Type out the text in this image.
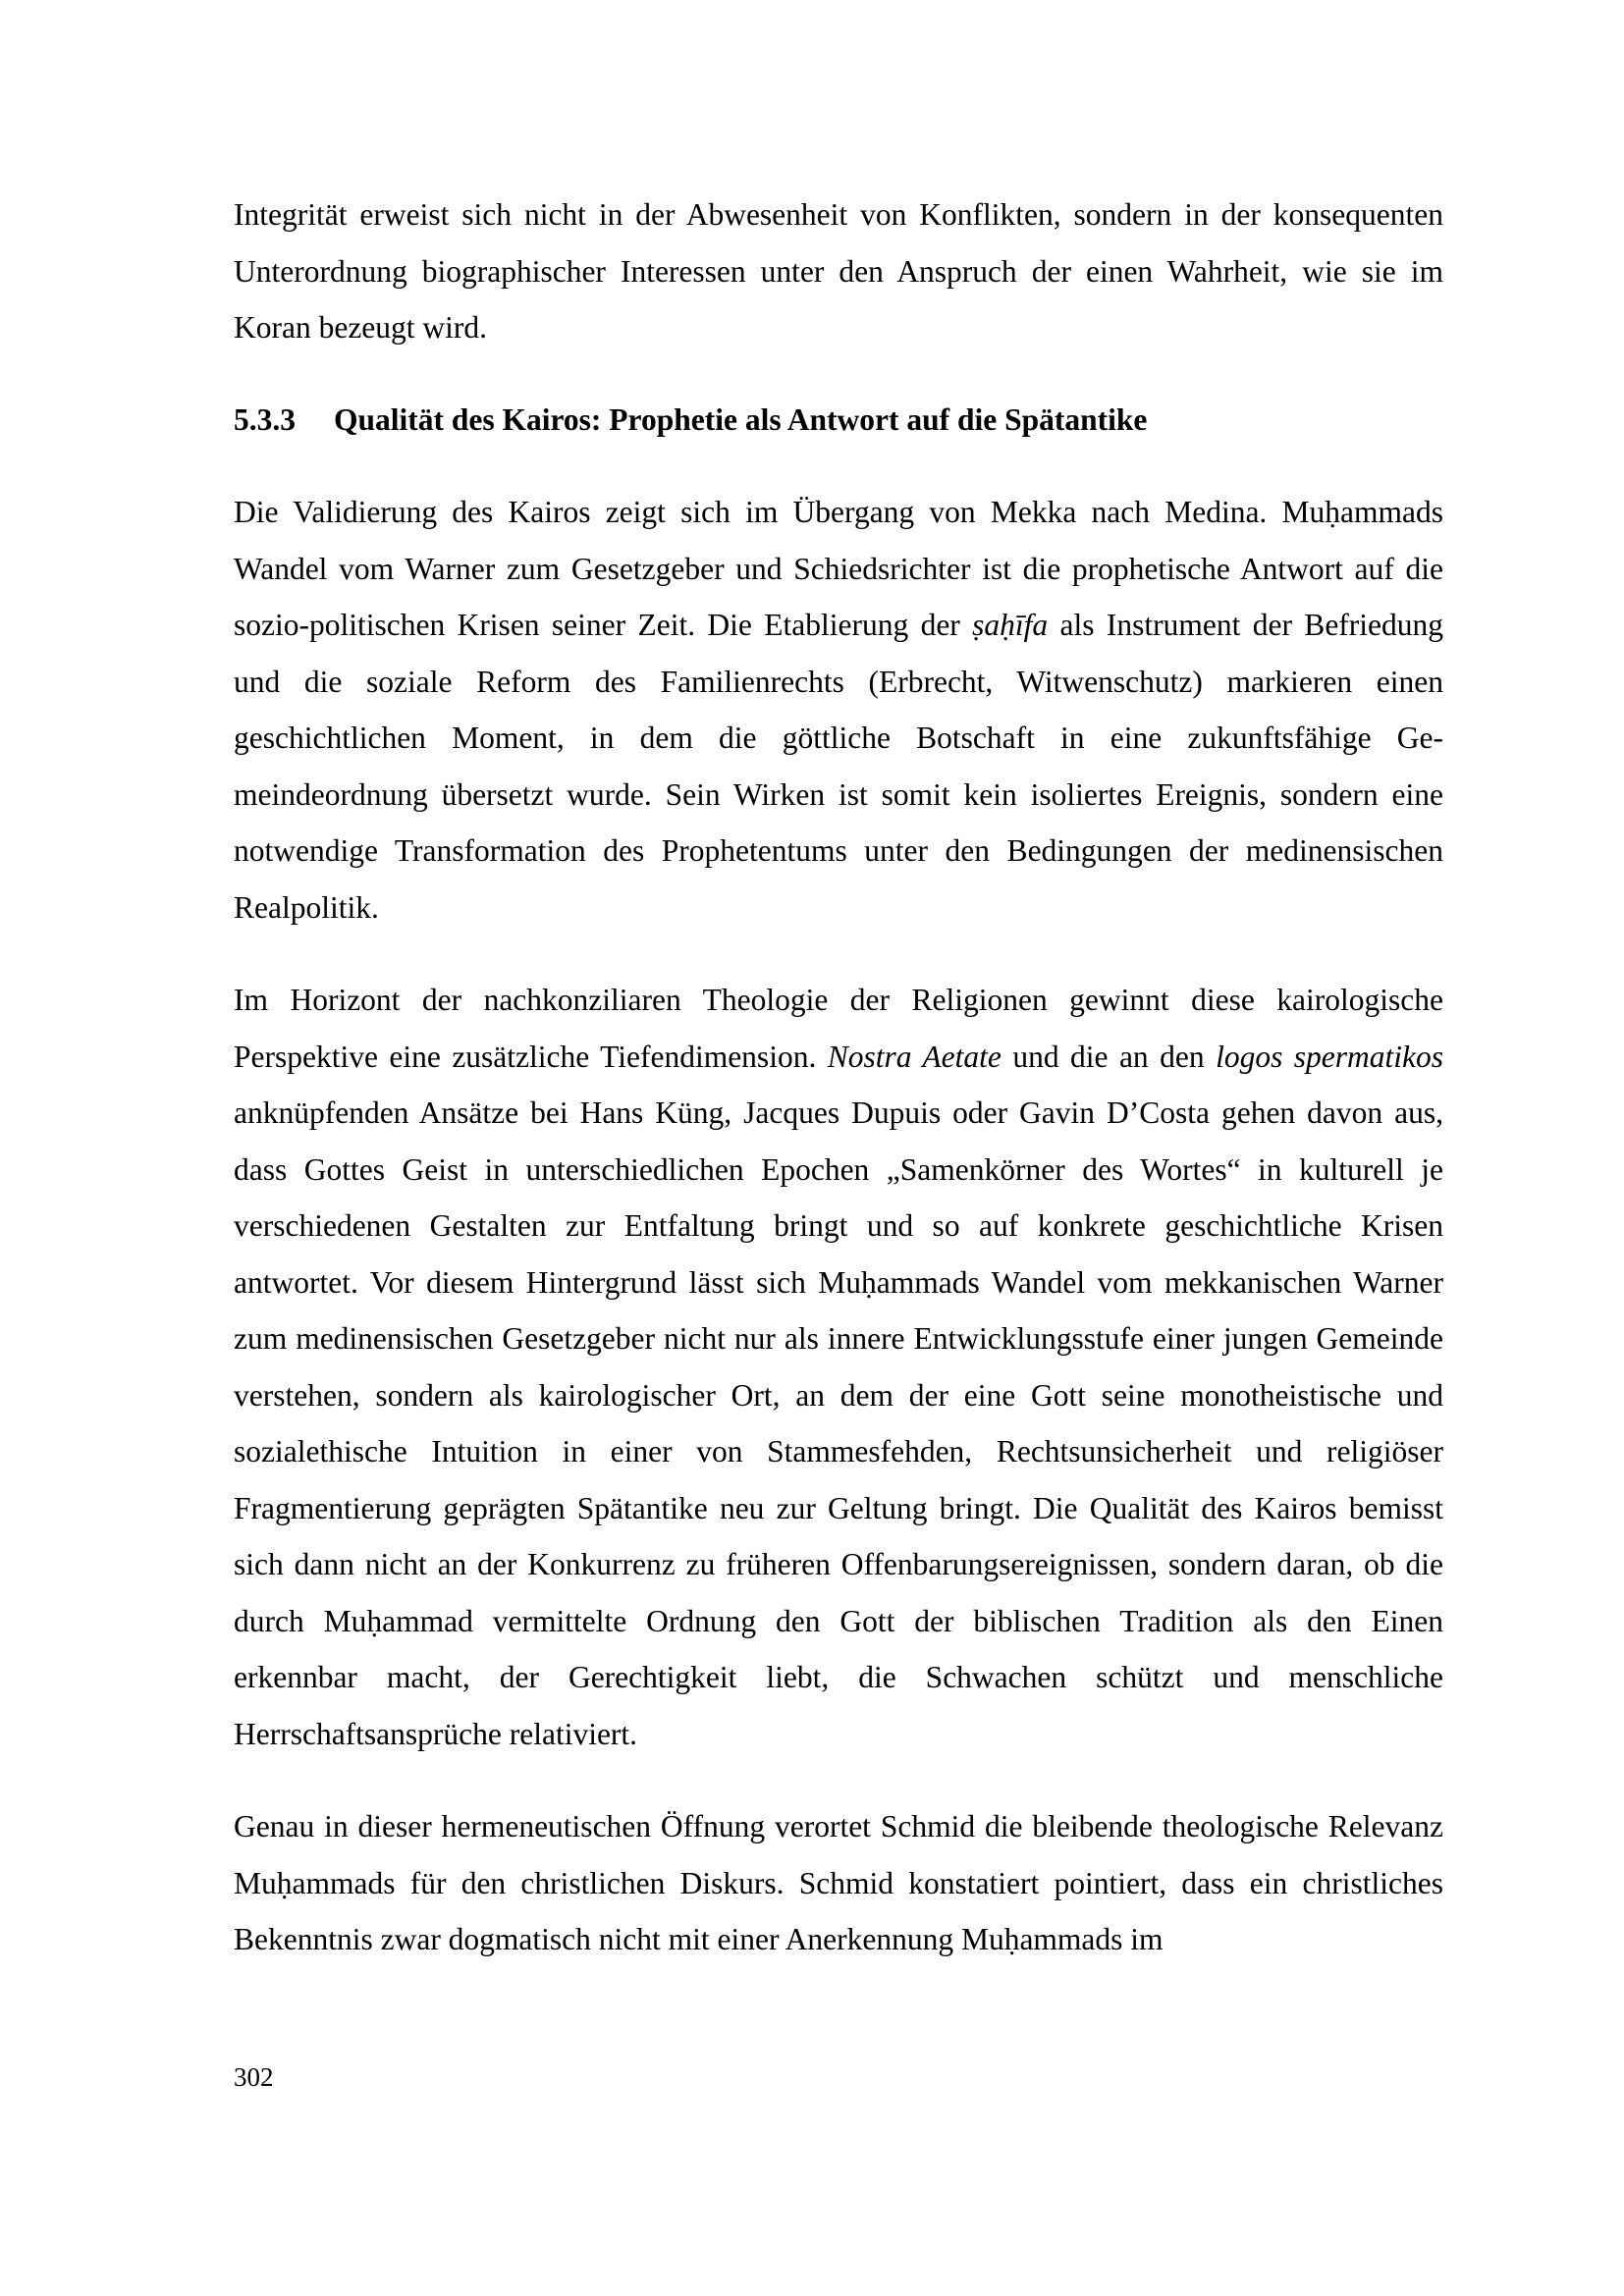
Integrität erweist sich nicht in der Abwesenheit von Konflikten, sondern in der konsequenten Unterordnung biographischer Interessen unter den Anspruch der einen Wahrheit, wie sie im Koran bezeugt wird.

5.3.3	Qualität des Kairos: Prophetie als Antwort auf die Spätantike

Die Validierung des Kairos zeigt sich im Übergang von Mekka nach Medina. Muḥammads Wandel vom Warner zum Gesetzgeber und Schiedsrichter ist die prophetische Antwort auf die sozio-politischen Krisen seiner Zeit. Die Etablierung der ṣaḥīfa als Instrument der Befriedung und die soziale Reform des Familienrechts (Erbrecht, Witwenschutz) markieren einen geschichtlichen Moment, in dem die göttliche Botschaft in eine zukunftsfähige Gemeindeordnung übersetzt wurde. Sein Wirken ist somit kein isoliertes Ereignis, sondern eine notwendige Transformation des Prophetentums unter den Bedingungen der medinensischen Realpolitik.

Im Horizont der nachkonziliaren Theologie der Religionen gewinnt diese kairologische Perspektive eine zusätzliche Tiefendimension. Nostra Aetate und die an den logos spermatikos anknüpfenden Ansätze bei Hans Küng, Jacques Dupuis oder Gavin D’Costa gehen davon aus, dass Gottes Geist in unterschiedlichen Epochen „Samenkörner des Wortes“ in kulturell je verschiedenen Gestalten zur Entfaltung bringt und so auf konkrete geschichtliche Krisen antwortet. Vor diesem Hintergrund lässt sich Muḥammads Wandel vom mekkanischen Warner zum medinensischen Gesetzgeber nicht nur als innere Entwicklungsstufe einer jungen Gemeinde verstehen, sondern als kairologischer Ort, an dem der eine Gott seine monotheistische und sozialethische Intuition in einer von Stammesfehden, Rechtsunsicherheit und religiöser Fragmentierung geprägten Spätantike neu zur Geltung bringt. Die Qualität des Kairos bemisst sich dann nicht an der Konkurrenz zu früheren Offenbarungsereignissen, sondern daran, ob die durch Muḥammad vermittelte Ordnung den Gott der biblischen Tradition als den Einen erkennbar macht, der Gerechtigkeit liebt, die Schwachen schützt und menschliche Herrschaftsansprüche relativiert.

Genau in dieser hermeneutischen Öffnung verortet Schmid die bleibende theologische Relevanz Muḥammads für den christlichen Diskurs. Schmid konstatiert pointiert, dass ein christliches Bekenntnis zwar dogmatisch nicht mit einer Anerkennung Muḥammads im

302
